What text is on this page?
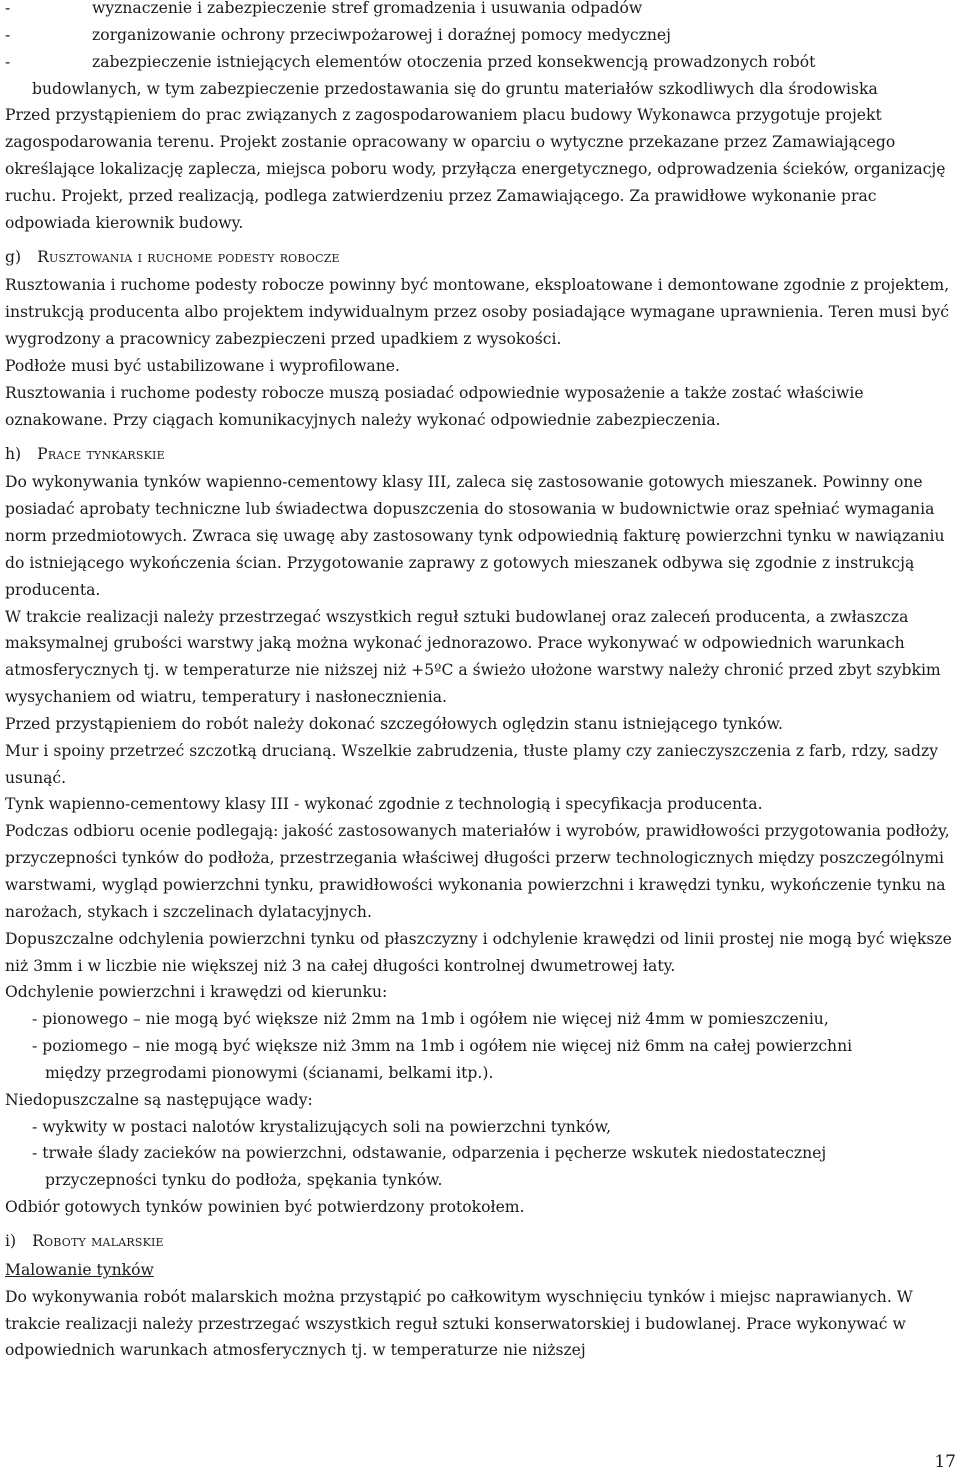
-	wyznaczenie i zabezpieczenie stref gromadzenia i usuwania odpadów
-	zorganizowanie ochrony przeciwpożarowej i doraźnej pomocy medycznej
-	zabezpieczenie istniejących elementów otoczenia przed konsekwencją prowadzonych robót

budowlanych, w tym zabezpieczenie przedostawania się do gruntu materiałów szkodliwych dla środowiska

Przed przystąpieniem do prac związanych z zagospodarowaniem placu budowy Wykonawca przygotuje projekt zagospodarowania terenu. Projekt zostanie opracowany w oparciu o wytyczne przekazane przez Zamawiającego określające lokalizację zaplecza, miejsca poboru wody, przyłącza energetycznego, odprowadzenia ścieków, organizację ruchu. Projekt, przed realizacją, podlega zatwierdzeniu przez Zamawiającego. Za prawidłowe wykonanie prac odpowiada kierownik budowy.

g) Rusztowania i ruchome podesty robocze

Rusztowania i ruchome podesty robocze powinny być montowane, eksploatowane i demontowane zgodnie z projektem, instrukcją producenta albo projektem indywidualnym przez osoby posiadające wymagane uprawnienia. Teren musi być wygrodzony a pracownicy zabezpieczeni przed upadkiem z wysokości.

Podłoże musi być ustabilizowane i wyprofilowane.

Rusztowania i ruchome podesty robocze muszą posiadać odpowiednie wyposażenie a także zostać właściwie oznakowane. Przy ciągach komunikacyjnych należy wykonać odpowiednie zabezpieczenia.

h) Prace tynkarskie

Do wykonywania tynków wapienno-cementowy klasy III, zaleca się zastosowanie gotowych mieszanek. Powinny one posiadać aprobaty techniczne lub świadectwa dopuszczenia do stosowania w budownictwie oraz spełniać wymagania norm przedmiotowych. Zwraca się uwagę aby zastosowany tynk odpowiednią fakturę powierzchni tynku w nawiązaniu do istniejącego wykończenia ścian. Przygotowanie zaprawy z gotowych mieszanek odbywa się zgodnie z instrukcją producenta.

W trakcie realizacji należy przestrzegać wszystkich reguł sztuki budowlanej oraz zaleceń producenta, a zwłaszcza maksymalnej grubości warstwy jaką można wykonać jednorazowo. Prace wykonywać w odpowiednich warunkach atmosferycznych tj. w temperaturze nie niższej niż +5ºC a świeżo ułożone warstwy należy chronić przed zbyt szybkim wysychaniem od wiatru, temperatury i nasłonecznienia.

Przed przystąpieniem do robót należy dokonać szczegółowych oględzin stanu istniejącego tynków.

Mur i spoiny przetrzeć szczotką drucianą. Wszelkie zabrudzenia, tłuste plamy czy zanieczyszczenia z farb, rdzy, sadzy usunąć.

Tynk wapienno-cementowy klasy III - wykonać zgodnie z technologią i specyfikacja producenta.

Podczas odbioru ocenie podlegają: jakość zastosowanych materiałów i wyrobów, prawidłowości przygotowania podłoży, przyczepności tynków do podłoża, przestrzegania właściwej długości przerw technologicznych między poszczególnymi warstwami, wygląd powierzchni tynku, prawidłowości wykonania powierzchni i krawędzi tynku, wykończenie tynku na narożach, stykach i szczelinach dylatacyjnych.

Dopuszczalne odchylenia powierzchni tynku od płaszczyzny i odchylenie krawędzi od linii prostej nie mogą być większe niż 3mm i w liczbie nie większej niż 3 na całej długości kontrolnej dwumetrowej łaty.

Odchylenie powierzchni i krawędzi od kierunku:

- pionowego – nie mogą być większe niż 2mm na 1mb i ogółem nie więcej niż 4mm w pomieszczeniu,

- poziomego – nie mogą być większe niż 3mm na 1mb i ogółem nie więcej niż 6mm na całej powierzchni

między przegrodami pionowymi (ścianami, belkami itp.).

Niedopuszczalne są następujące wady:

- wykwity w postaci nalotów krystalizujących soli na powierzchni tynków,

- trwałe ślady zacieków na powierzchni, odstawanie, odparzenia i pęcherze wskutek niedostatecznej

przyczepności tynku do podłoża, spękania tynków.

Odbiór gotowych tynków powinien być potwierdzony protokołem.

i) Roboty malarskie

Malowanie tynków

Do wykonywania robót malarskich można przystąpić po całkowitym wyschnięciu tynków i miejsc naprawianych. W trakcie realizacji należy przestrzegać wszystkich reguł sztuki konserwatorskiej i budowlanej. Prace wykonywać w odpowiednich warunkach atmosferycznych tj. w temperaturze nie niższej

17
